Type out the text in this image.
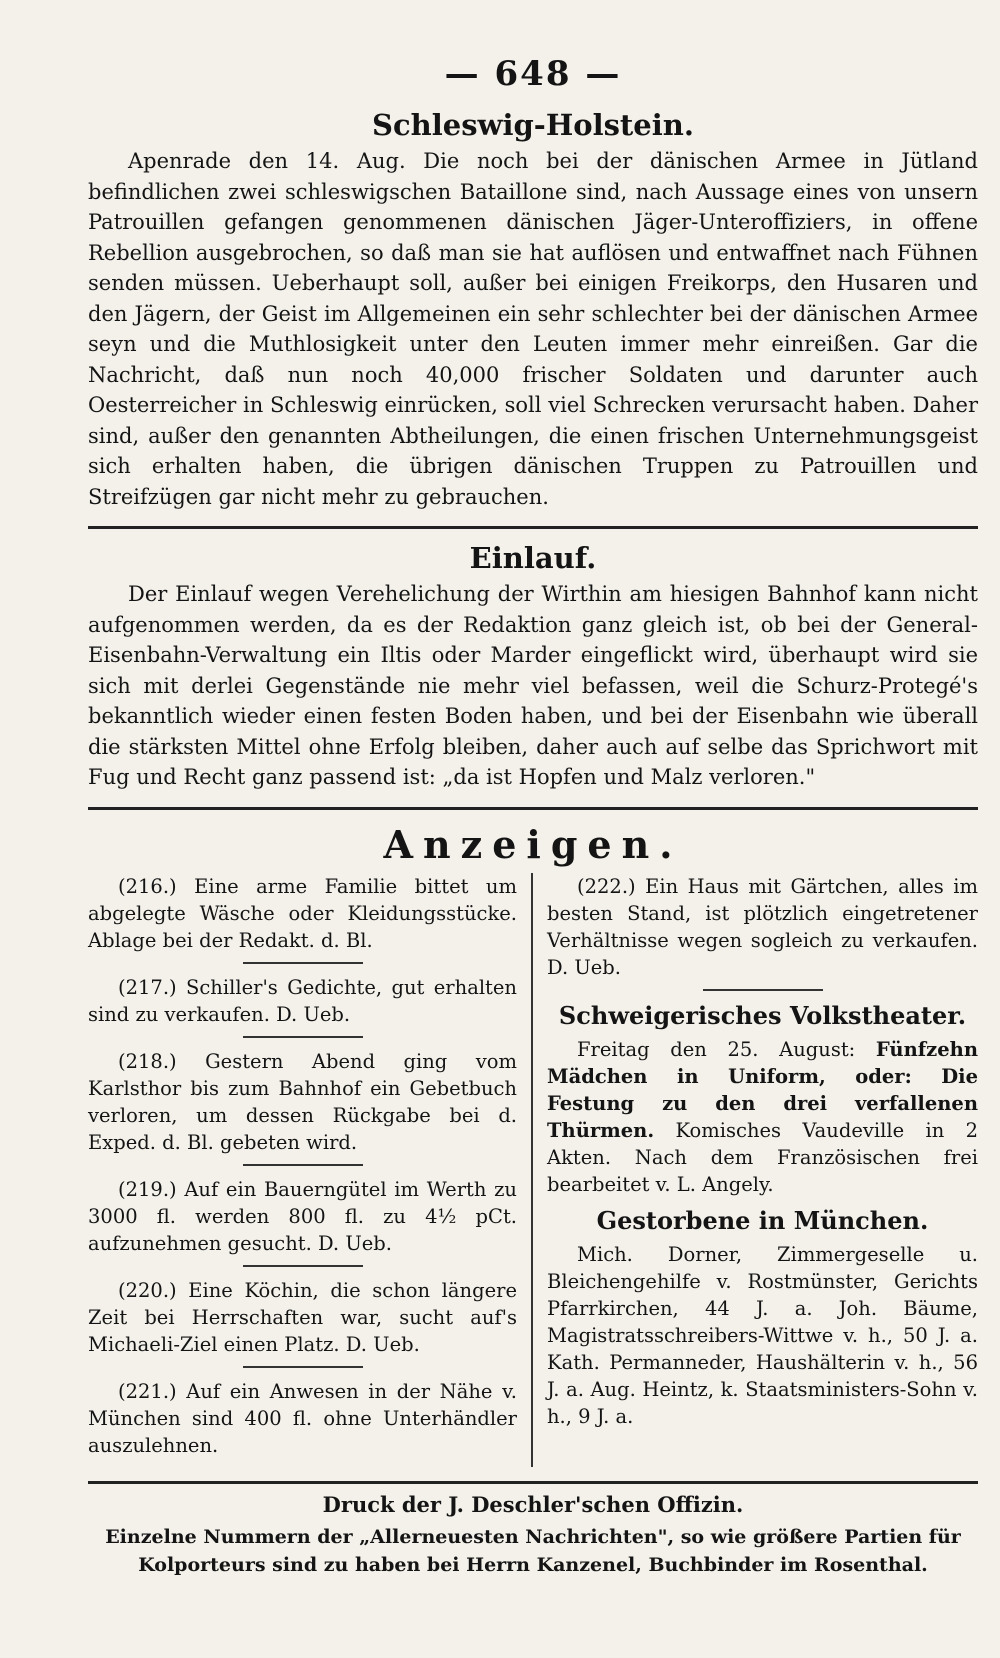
— 648 —
Schleswig-Holstein.

Apenrade den 14. Aug. Die noch bei der dänischen Armee in Jütland befindlichen zwei schleswigschen Bataillone sind, nach Aussage eines von unsern Patrouillen gefangen genommenen dänischen Jäger-Unteroffiziers, in offene Rebellion ausgebrochen, so daß man sie hat auflösen und entwaffnet nach Fühnen senden müssen. Ueberhaupt soll, außer bei einigen Freikorps, den Husaren und den Jägern, der Geist im Allgemeinen ein sehr schlechter bei der dänischen Armee seyn und die Muthlosigkeit unter den Leuten immer mehr einreißen. Gar die Nachricht, daß nun noch 40,000 frischer Soldaten und darunter auch Oesterreicher in Schleswig einrücken, soll viel Schrecken verursacht haben. Daher sind, außer den genannten Abtheilungen, die einen frischen Unternehmungsgeist sich erhalten haben, die übrigen dänischen Truppen zu Patrouillen und Streifzügen gar nicht mehr zu gebrauchen.

Einlauf.

Der Einlauf wegen Verehelichung der Wirthin am hiesigen Bahnhof kann nicht aufgenommen werden, da es der Redaktion ganz gleich ist, ob bei der General-Eisenbahn-Verwaltung ein Iltis oder Marder eingeflickt wird, überhaupt wird sie sich mit derlei Gegenstände nie mehr viel befassen, weil die Schurz-Protegé's bekanntlich wieder einen festen Boden haben, und bei der Eisenbahn wie überall die stärksten Mittel ohne Erfolg bleiben, daher auch auf selbe das Sprichwort mit Fug und Recht ganz passend ist: „da ist Hopfen und Malz verloren."

Anzeigen.

(216.) Eine arme Familie bittet um abgelegte Wäsche oder Kleidungsstücke. Ablage bei der Redakt. d. Bl.

(217.) Schiller's Gedichte, gut erhalten sind zu verkaufen. D. Ueb.

(218.) Gestern Abend ging vom Karlsthor bis zum Bahnhof ein Gebetbuch verloren, um dessen Rückgabe bei d. Exped. d. Bl. gebeten wird.

(219.) Auf ein Bauerngütel im Werth zu 3000 fl. werden 800 fl. zu 4½ pCt. aufzunehmen gesucht. D. Ueb.

(220.) Eine Köchin, die schon längere Zeit bei Herrschaften war, sucht auf's Michaeli-Ziel einen Platz. D. Ueb.

(221.) Auf ein Anwesen in der Nähe v. München sind 400 fl. ohne Unterhändler auszulehnen.

(222.) Ein Haus mit Gärtchen, alles im besten Stand, ist plötzlich eingetretener Verhältnisse wegen sogleich zu verkaufen. D. Ueb.

Schweigerisches Volkstheater.

Freitag den 25. August: Fünfzehn Mädchen in Uniform, oder: Die Festung zu den drei verfallenen Thürmen. Komisches Vaudeville in 2 Akten. Nach dem Französischen frei bearbeitet v. L. Angely.

Gestorbene in München.

Mich. Dorner, Zimmergeselle u. Bleichengehilfe v. Rostmünster, Gerichts Pfarrkirchen, 44 J. a. Joh. Bäume, Magistratsschreibers-Wittwe v. h., 50 J. a. Kath. Permanneder, Haushälterin v. h., 56 J. a. Aug. Heintz, k. Staatsministers-Sohn v. h., 9 J. a.

Druck der J. Deschler'schen Offizin.
Einzelne Nummern der „Allerneuesten Nachrichten", so wie größere Partien für Kolporteurs sind zu haben bei Herrn Kanzenel, Buchbinder im Rosenthal.
